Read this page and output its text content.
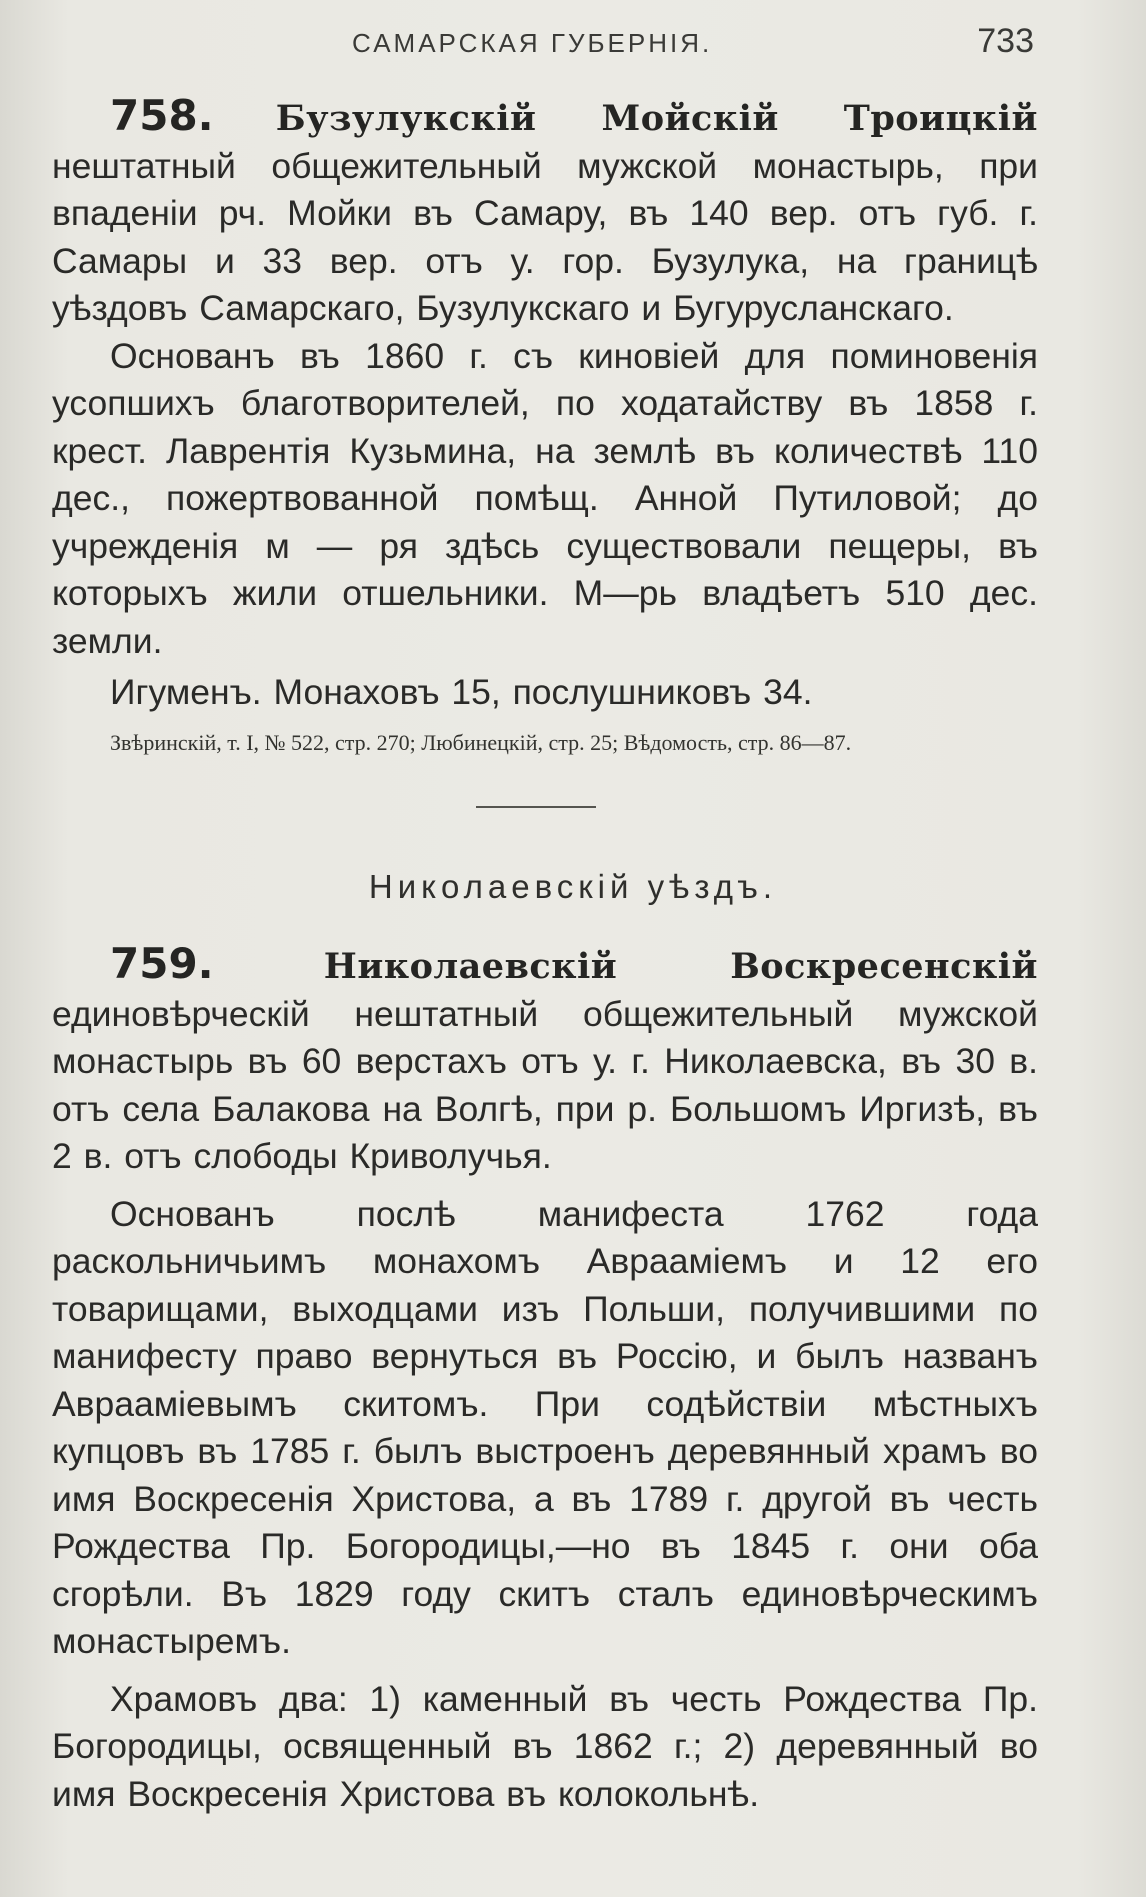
САМАРСКАЯ ГУБЕРНІЯ.	733

758. Бузулукскій Мойскій Троицкій нештатный общежительный мужской монастырь, при впаденіи рч. Мойки въ Самару, въ 140 вер. отъ губ. г. Самары и 33 вер. отъ у. гор. Бузулука, на границѣ уѣздовъ Самарскаго, Бузулукскаго и Бугурусланскаго.

Основанъ въ 1860 г. съ киновіей для поминовенія усопшихъ благотворителей, по ходатайству въ 1858 г. крест. Лаврентія Кузьмина, на землѣ въ количествѣ 110 дес., пожертвованной помѣщ. Анной Путиловой; до учрежденія м — ря здѣсь существовали пещеры, въ которыхъ жили отшельники. М—рь владѣетъ 510 дес. земли.

Игуменъ. Монаховъ 15, послушниковъ 34.

Звѣринскій, т. I, № 522, стр. 270; Любинецкій, стр. 25; Вѣдомость, стр. 86—87.

Николаевскій уѣздъ.

759.	Николаевскій Воскресенскій единовѣрческій нештатный общежительный мужской монастырь въ 60 верстахъ отъ у. г. Николаевска, въ 30 в. отъ села Балакова на Волгѣ, при р. Большомъ Иргизѣ, въ 2 в. отъ слободы Криволучья.

Основанъ послѣ манифеста 1762 года раскольничьимъ монахомъ Авраамiемъ и 12 его товарищами, выходцами изъ Польши, получившими по манифесту право вернуться въ Россію, и былъ названъ Авраамiевымъ скитомъ. При содѣйствіи мѣстныхъ купцовъ въ 1785 г. былъ выстроенъ деревянный храмъ во имя Воскресенія Христова, а въ 1789 г. другой въ честь Рождества Пр. Богородицы,—но въ 1845 г. они оба сгорѣли. Въ 1829 году скитъ сталъ единовѣрческимъ монастыремъ.

Храмовъ два: 1) каменный въ честь Рождества Пр. Богородицы, освященный въ 1862 г.; 2) деревянный во имя Воскресенія Христова въ колокольнѣ.
